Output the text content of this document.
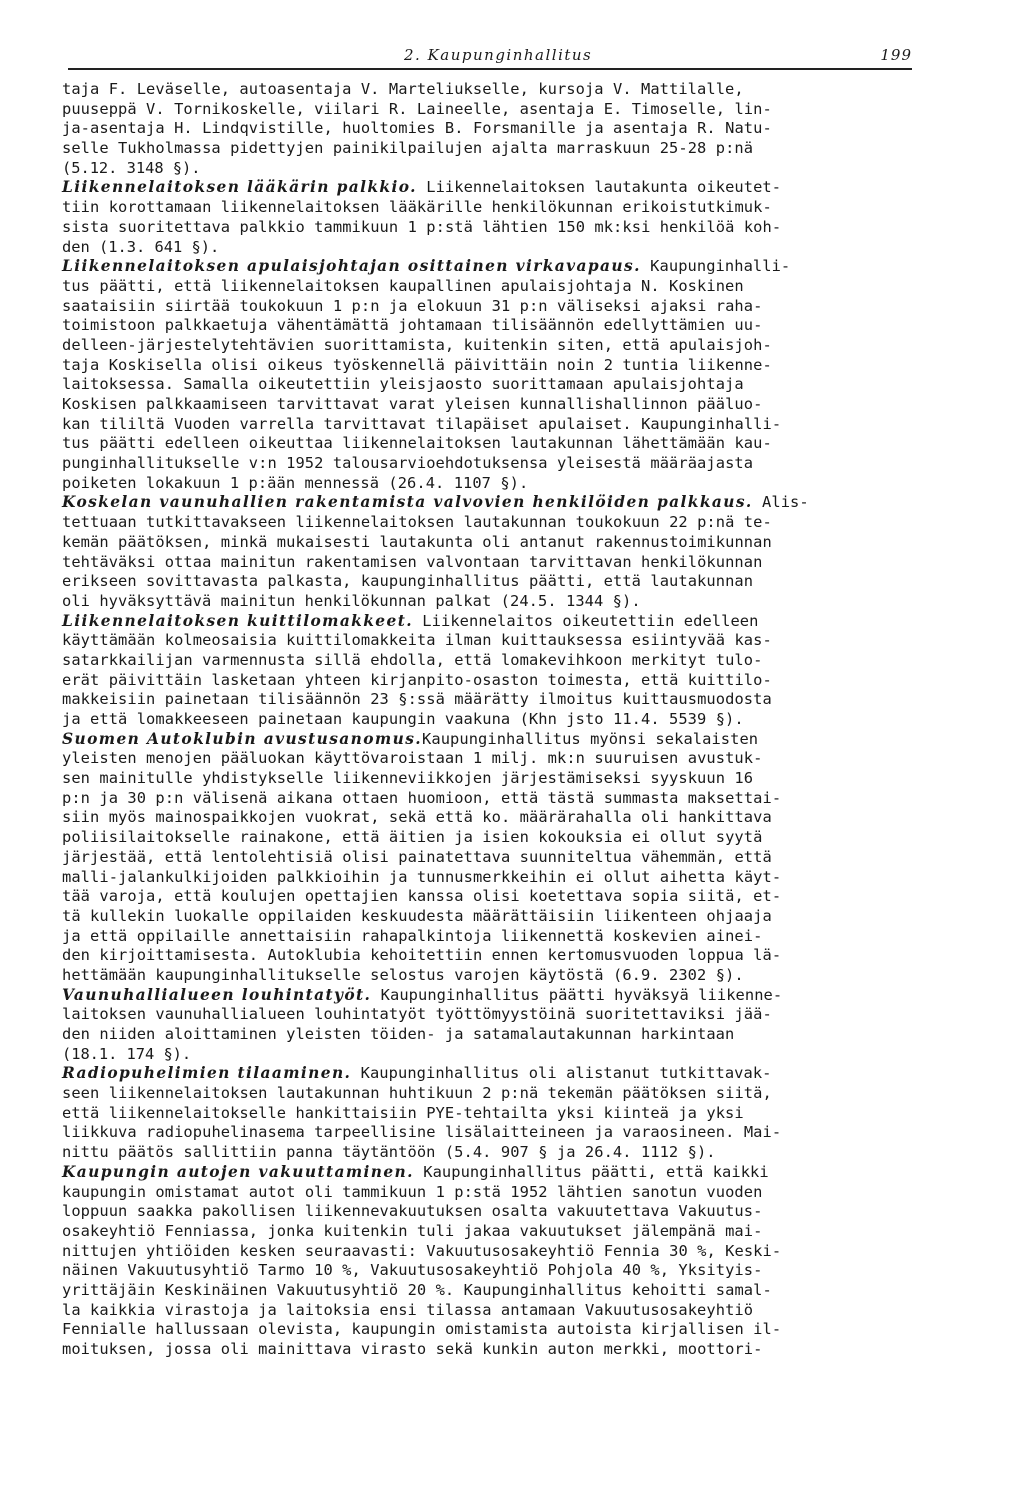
2. Kaupunginhallitus	199
taja F. Leväselle, autoasentaja V. Marteliukselle, kursoja V. Mattilalle,
puuseppä V. Tornikoskelle, viilari R. Laineelle, asentaja E. Timoselle, lin-
ja-asentaja H. Lindqvistille, huoltomies B. Forsmanille ja asentaja R. Natu-
selle Tukholmassa pidettyjen painikilpailujen ajalta marraskuun 25-28 p:nä
(5.12. 3148 §).
Liikennelaitoksen lääkärin palkkio. Liikennelaitoksen lautakunta oikeutet-
tiin korottamaan liikennelaitoksen lääkärille henkilökunnan erikoistutkimuk-
sista suoritettava palkkio tammikuun 1 p:stä lähtien 150 mk:ksi henkilöä koh-
den (1.3. 641 §).
Liikennelaitoksen apulaisjohtajan osittainen virkavapaus. Kaupunginhalli-
tus päätti, että liikennelaitoksen kaupallinen apulaisjohtaja N. Koskinen
saataisiin siirtää toukokuun 1 p:n ja elokuun 31 p:n väliseksi ajaksi raha-
toimistoon palkkaetuja vähentämättä johtamaan tilisäännön edellyttämien uu-
delleen-järjestelytehtävien suorittamista, kuitenkin siten, että apulaisjoh-
taja Koskisella olisi oikeus työskennellä päivittäin noin 2 tuntia liikenne-
laitoksessa. Samalla oikeutettiin yleisjaosto suorittamaan apulaisjohtaja
Koskisen palkkaamiseen tarvittavat varat yleisen kunnallishallinnon pääluo-
kan tililtä Vuoden varrella tarvittavat tilapäiset apulaiset. Kaupunginhalli-
tus päätti edelleen oikeuttaa liikennelaitoksen lautakunnan lähettämään kau-
punginhallitukselle v:n 1952 talousarvioehdotuksensa yleisestä määräajasta
poiketen lokakuun 1 p:ään mennessä (26.4. 1107 §).
Koskelan vaunuhallien rakentamista valvovien henkilöiden palkkaus. Alis-
tettuaan tutkittavakseen liikennelaitoksen lautakunnan toukokuun 22 p:nä te-
kemän päätöksen, minkä mukaisesti lautakunta oli antanut rakennustoimikunnan
tehtäväksi ottaa mainitun rakentamisen valvontaan tarvittavan henkilökunnan
erikseen sovittavasta palkasta, kaupunginhallitus päätti, että lautakunnan
oli hyväksyttävä mainitun henkilökunnan palkat (24.5. 1344 §).
Liikennelaitoksen kuittilomakkeet. Liikennelaitos oikeutettiin edelleen
käyttämään kolmeosaisia kuittilomakkeita ilman kuittauksessa esiintyvää kas-
satarkkailijan varmennusta sillä ehdolla, että lomakevihkoon merkityt tulo-
erät päivittäin lasketaan yhteen kirjanpito-osaston toimesta, että kuittilo-
makkeisiin painetaan tilisäännön 23 §:ssä määrätty ilmoitus kuittausmuodosta
ja että lomakkeeseen painetaan kaupungin vaakuna (Khn jsto 11.4. 5539 §).
Suomen Autoklubin avustusanomus.Kaupunginhallitus myönsi sekalaisten
yleisten menojen pääluokan käyttövaroistaan 1 milj. mk:n suuruisen avustuk-
sen mainitulle yhdistykselle liikenneviikkojen järjestämiseksi syyskuun 16
p:n ja 30 p:n välisenä aikana ottaen huomioon, että tästä summasta maksettai-
siin myös mainospaikkojen vuokrat, sekä että ko. määrärahalla oli hankittava
poliisilaitokselle rainakone, että äitien ja isien kokouksia ei ollut syytä
järjestää, että lentolehtisiä olisi painatettava suunniteltua vähemmän, että
malli-jalankulkijoiden palkkioihin ja tunnusmerkkeihin ei ollut aihetta käyt-
tää varoja, että koulujen opettajien kanssa olisi koetettava sopia siitä, et-
tä kullekin luokalle oppilaiden keskuudesta määrättäisiin liikenteen ohjaaja
ja että oppilaille annettaisiin rahapalkintoja liikennettä koskevien ainei-
den kirjoittamisesta. Autoklubia kehoitettiin ennen kertomusvuoden loppua lä-
hettämään kaupunginhallitukselle selostus varojen käytöstä (6.9. 2302 §).
Vaunuhallialueen louhintatyöt. Kaupunginhallitus päätti hyväksyä liikenne-
laitoksen vaunuhallialueen louhintatyöt työttömyystöinä suoritettaviksi jää-
den niiden aloittaminen yleisten töiden- ja satamalautakunnan harkintaan
(18.1. 174 §).
Radiopuhelimien tilaaminen. Kaupunginhallitus oli alistanut tutkittavak-
seen liikennelaitoksen lautakunnan huhtikuun 2 p:nä tekemän päätöksen siitä,
että liikennelaitokselle hankittaisiin PYE-tehtailta yksi kiinteä ja yksi
liikkuva radiopuhelinasema tarpeellisine lisälaitteineen ja varaosineen. Mai-
nittu päätös sallittiin panna täytäntöön (5.4. 907 § ja 26.4. 1112 §).
Kaupungin autojen vakuuttaminen. Kaupunginhallitus päätti, että kaikki
kaupungin omistamat autot oli tammikuun 1 p:stä 1952 lähtien sanotun vuoden
loppuun saakka pakollisen liikennevakuutuksen osalta vakuutettava Vakuutus-
osakeyhtiö Fenniassa, jonka kuitenkin tuli jakaa vakuutukset jälempänä mai-
nittujen yhtiöiden kesken seuraavasti: Vakuutusosakeyhtiö Fennia 30 %, Keski-
näinen Vakuutusyhtiö Tarmo 10 %, Vakuutusosakeyhtiö Pohjola 40 %, Yksityis-
yrittäjäin Keskinäinen Vakuutusyhtiö 20 %. Kaupunginhallitus kehoitti samal-
la kaikkia virastoja ja laitoksia ensi tilassa antamaan Vakuutusosakeyhtiö
Fennialle hallussaan olevista, kaupungin omistamista autoista kirjallisen il-
moituksen, jossa oli mainittava virasto sekä kunkin auton merkki, moottori-
